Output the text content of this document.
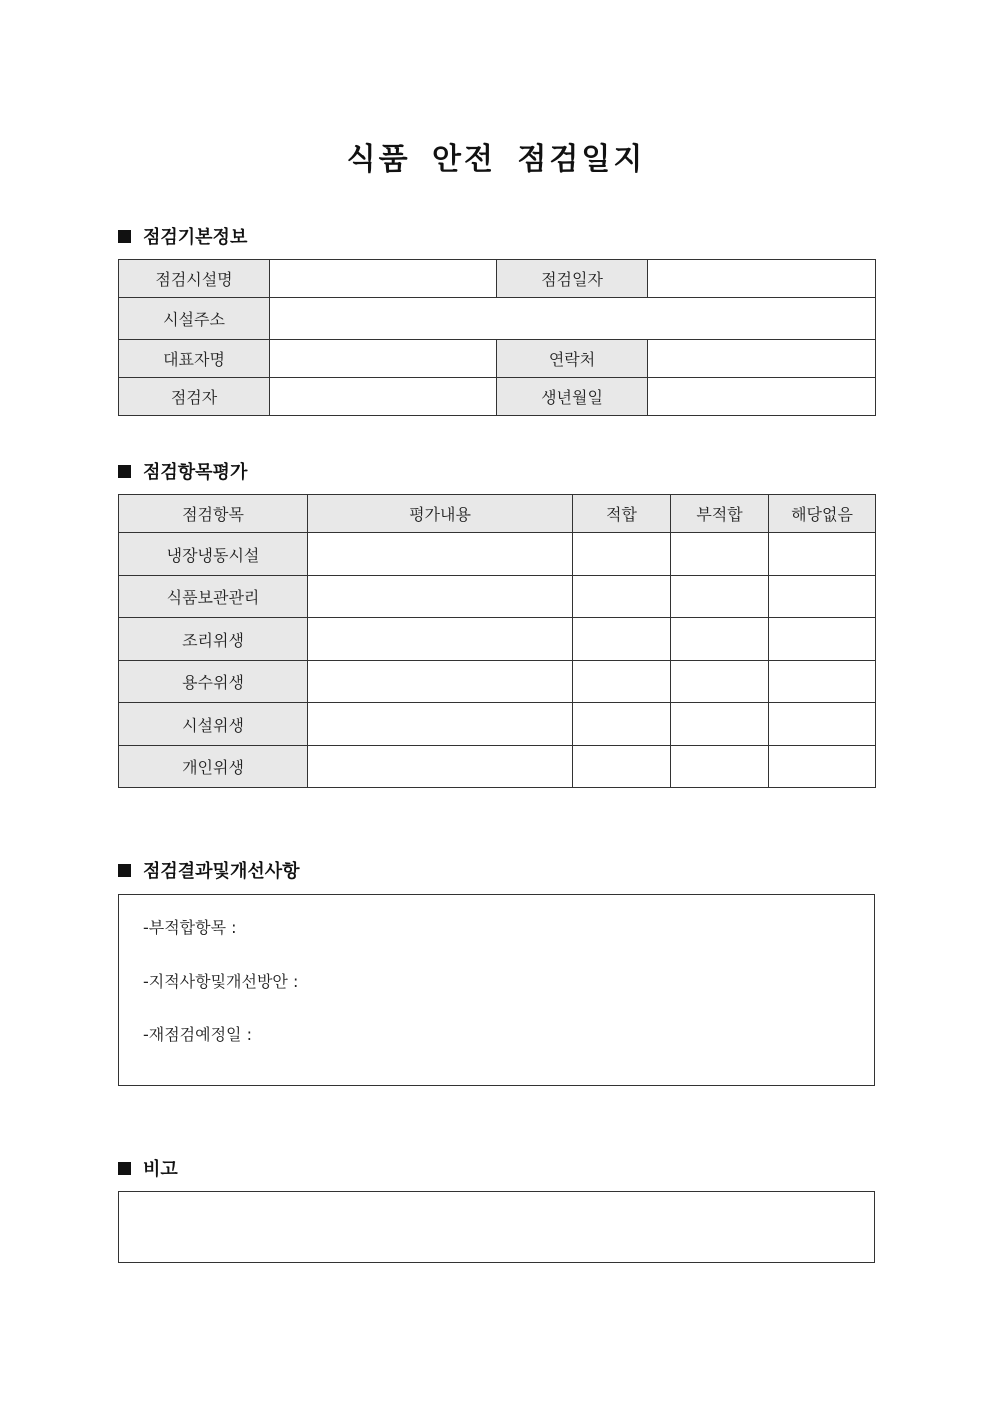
식품 안전 점검일지
점검기본정보
점검시설명		점검일자	
시설주소			
대표자명		연락처	
점검자		생년월일	
점검항목평가
점검항목	평가내용	적합	부적합	해당없음
냉장냉동시설				
식품보관관리				
조리위생				
용수위생				
시설위생				
개인위생				
점검결과및개선사항
-부적합항목 :
-지적사항및개선방안 :
-재점검예정일 :
비고
